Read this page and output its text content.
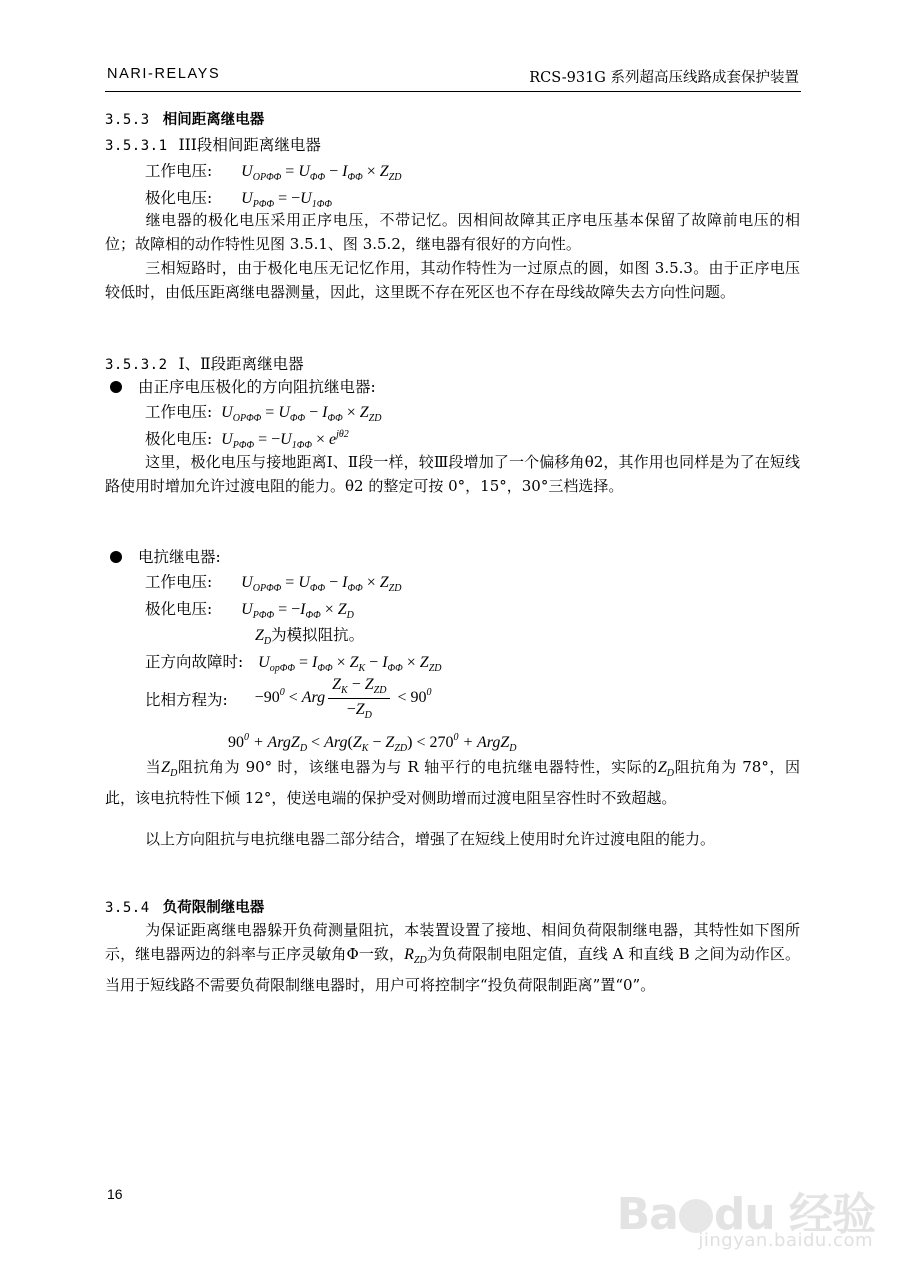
NARI-RELAYS	RCS-931G 系列超高压线路成套保护装置
3.5.3 相间距离继电器
3.5.3.1 III段相间距离继电器
工作电压: $U_{OP\Phi\Phi} = U_{\Phi\Phi} - I_{\Phi\Phi} \times Z_{ZD}$
极化电压: $U_{P\Phi\Phi} = -U_{1\Phi\Phi}$
继电器的极化电压采用正序电压，不带记忆。因相间故障其正序电压基本保留了故障前电压的相位；故障相的动作特性见图 3.5.1、图 3.5.2，继电器有很好的方向性。
三相短路时，由于极化电压无记忆作用，其动作特性为一过原点的圆，如图 3.5.3。由于正序电压较低时，由低压距离继电器测量，因此，这里既不存在死区也不存在母线故障失去方向性问题。
3.5.3.2 Ⅰ、Ⅱ段距离继电器
由正序电压极化的方向阻抗继电器:
工作电压: $U_{OP\Phi\Phi} = U_{\Phi\Phi} - I_{\Phi\Phi} \times Z_{ZD}$
极化电压: $U_{P\Phi\Phi} = -U_{1\Phi\Phi} \times e^{j\theta 2}$
这里，极化电压与接地距离Ⅰ、Ⅱ段一样，较Ⅲ段增加了一个偏移角θ2，其作用也同样是为了在短线路使用时增加允许过渡电阻的能力。θ2 的整定可按 0°，15°，30°三档选择。
电抗继电器:
工作电压: $U_{OP\Phi\Phi} = U_{\Phi\Phi} - I_{\Phi\Phi} \times Z_{ZD}$
极化电压: $U_{P\Phi\Phi} = -I_{\Phi\Phi} \times Z_D$
$Z_D$为模拟阻抗。
正方向故障时: $U_{op\Phi\Phi} = I_{\Phi\Phi} \times Z_K - I_{\Phi\Phi} \times Z_{ZD}$
比相方程为: $-90^0$ < Arg $\frac{Z_K - Z_{ZD}}{-Z_D} < 90^0$
$90^0$ + ArgZ$_D$ < $Arg(Z_K - Z_{ZD}) < 270^0$ + ArgZ$_D$
当$Z_D$阻抗角为 90° 时，该继电器为与 R 轴平行的电抗继电器特性，实际的$Z_D$阻抗角为 78°，因此，该电抗特性下倾 12°，使送电端的保护受对侧助增而过渡电阻呈容性时不致超越。
以上方向阻抗与电抗继电器二部分结合，增强了在短线上使用时允许过渡电阻的能力。
3.5.4 负荷限制继电器
为保证距离继电器躲开负荷测量阻抗，本装置设置了接地、相间负荷限制继电器，其特性如下图所示，继电器两边的斜率与正序灵敏角Φ一致，$R_{ZD}$为负荷限制电阻定值，直线 A 和直线 B 之间为动作区。当用于短线路不需要负荷限制继电器时，用户可将控制字“投负荷限制距离”置“0”。
16	Ba du 经验
jingyan.baidu.com
